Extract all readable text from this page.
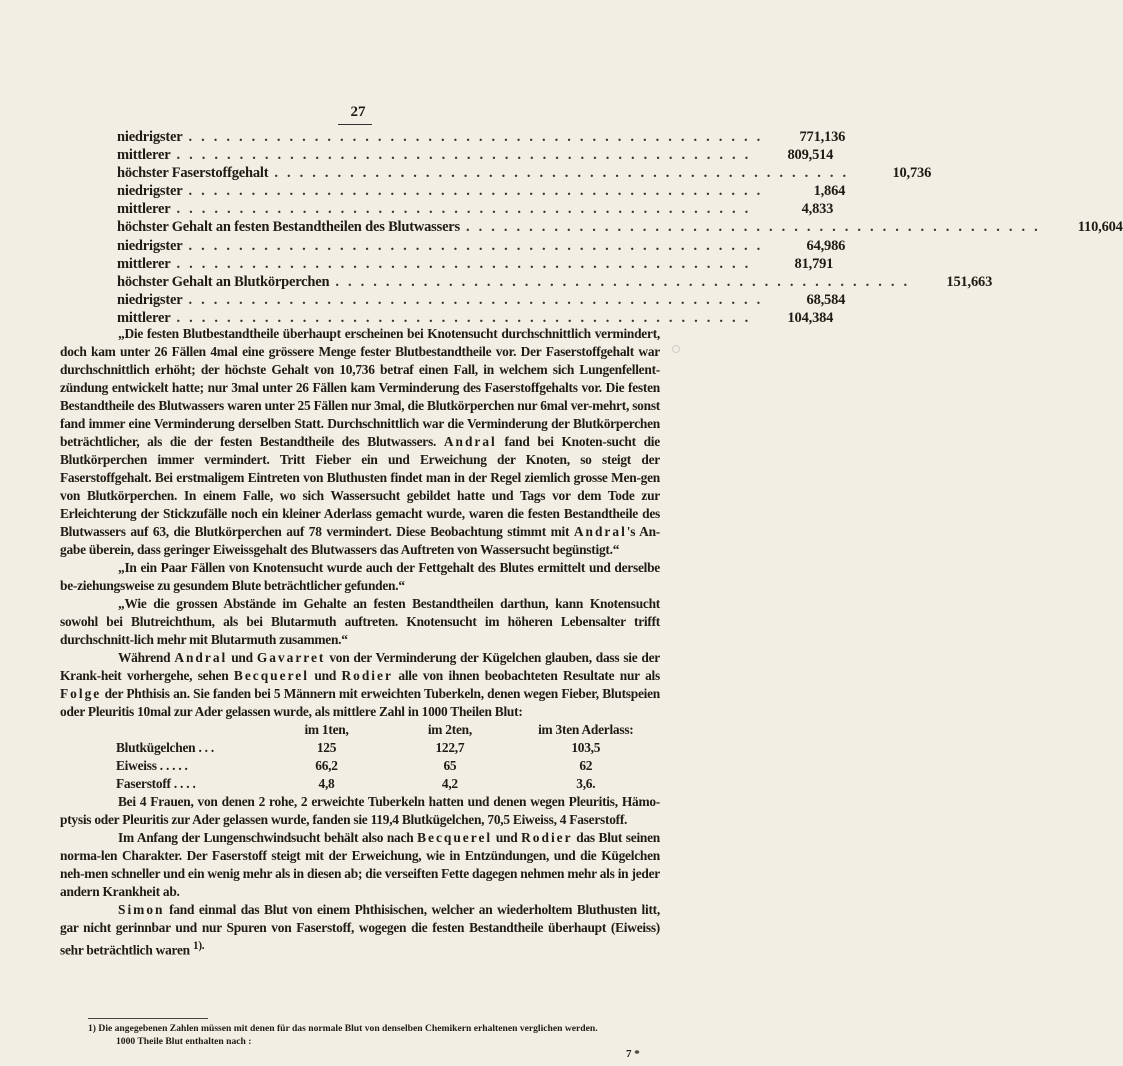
27
niedrigster ..............................................	771,136
mittlerer ..............................................	809,514
höchster Faserstoffgehalt ..............................................	10,736
niedrigster ..............................................	1,864
mittlerer ..............................................	4,833
höchster Gehalt an festen Bestandtheilen des Blutwassers ..............................................	110,604
niedrigster ..............................................	64,986
mittlerer ..............................................	81,791
höchster Gehalt an Blutkörperchen ..............................................	151,663
niedrigster ..............................................	68,584
mittlerer ..............................................	104,384

„Die festen Blutbestandtheile überhaupt erscheinen bei Knotensucht durchschnittlich vermindert, doch kam unter 26 Fällen 4mal eine grössere Menge fester Blutbestandtheile vor. Der Faserstoffgehalt war durchschnittlich erhöht; der höchste Gehalt von 10,736 betraf einen Fall, in welchem sich Lungenfellent-zündung entwickelt hatte; nur 3mal unter 26 Fällen kam Verminderung des Faserstoffgehalts vor. Die festen Bestandtheile des Blutwassers waren unter 25 Fällen nur 3mal, die Blutkörperchen nur 6mal ver-mehrt, sonst fand immer eine Verminderung derselben Statt. Durchschnittlich war die Verminderung der Blutkörperchen beträchtlicher, als die der festen Bestandtheile des Blutwassers. Andral fand bei Knoten-sucht die Blutkörperchen immer vermindert. Tritt Fieber ein und Erweichung der Knoten, so steigt der Faserstoffgehalt. Bei erstmaligem Eintreten von Bluthusten findet man in der Regel ziemlich grosse Men-gen von Blutkörperchen. In einem Falle, wo sich Wassersucht gebildet hatte und Tags vor dem Tode zur Erleichterung der Stickzufälle noch ein kleiner Aderlass gemacht wurde, waren die festen Bestandtheile des Blutwassers auf 63, die Blutkörperchen auf 78 vermindert. Diese Beobachtung stimmt mit Andral's An-gabe überein, dass geringer Eiweissgehalt des Blutwassers das Auftreten von Wassersucht begünstigt.“

„In ein Paar Fällen von Knotensucht wurde auch der Fettgehalt des Blutes ermittelt und derselbe be-ziehungsweise zu gesundem Blute beträchtlicher gefunden.“

„Wie die grossen Abstände im Gehalte an festen Bestandtheilen darthun, kann Knotensucht sowohl bei Blutreichthum, als bei Blutarmuth auftreten. Knotensucht im höheren Lebensalter trifft durchschnitt-lich mehr mit Blutarmuth zusammen.“

Während Andral und Gavarret von der Verminderung der Kügelchen glauben, dass sie der Krank-heit vorhergehe, sehen Becquerel und Rodier alle von ihnen beobachteten Resultate nur als Folge der Phthisis an. Sie fanden bei 5 Männern mit erweichten Tuberkeln, denen wegen Fieber, Blutspeien oder Pleuritis 10mal zur Ader gelassen wurde, als mittlere Zahl in 1000 Theilen Blut:

	im 1ten,	im 2ten,	im 3ten Aderlass:
Blutkügelchen . . .	125	122,7	103,5
Eiweiss . . . . .	66,2	65	62
Faserstoff . . . .	4,8	4,2	3,6.

Bei 4 Frauen, von denen 2 rohe, 2 erweichte Tuberkeln hatten und denen wegen Pleuritis, Hämo-ptysis oder Pleuritis zur Ader gelassen wurde, fanden sie 119,4 Blutkügelchen, 70,5 Eiweiss, 4 Faserstoff.

Im Anfang der Lungenschwindsucht behält also nach Becquerel und Rodier das Blut seinen norma-len Charakter. Der Faserstoff steigt mit der Erweichung, wie in Entzündungen, und die Kügelchen neh-men schneller und ein wenig mehr als in diesen ab; die verseiften Fette dagegen nehmen mehr als in jeder andern Krankheit ab.

Simon fand einmal das Blut von einem Phthisischen, welcher an wiederholtem Bluthusten litt, gar nicht gerinnbar und nur Spuren von Faserstoff, wogegen die festen Bestandtheile überhaupt (Eiweiss) sehr beträchtlich waren $^{1).}$

1) Die angegebenen Zahlen müssen mit denen für das normale Blut von denselben Chemikern erhaltenen verglichen werden.
1000 Theile Blut enthalten nach :
7 *
